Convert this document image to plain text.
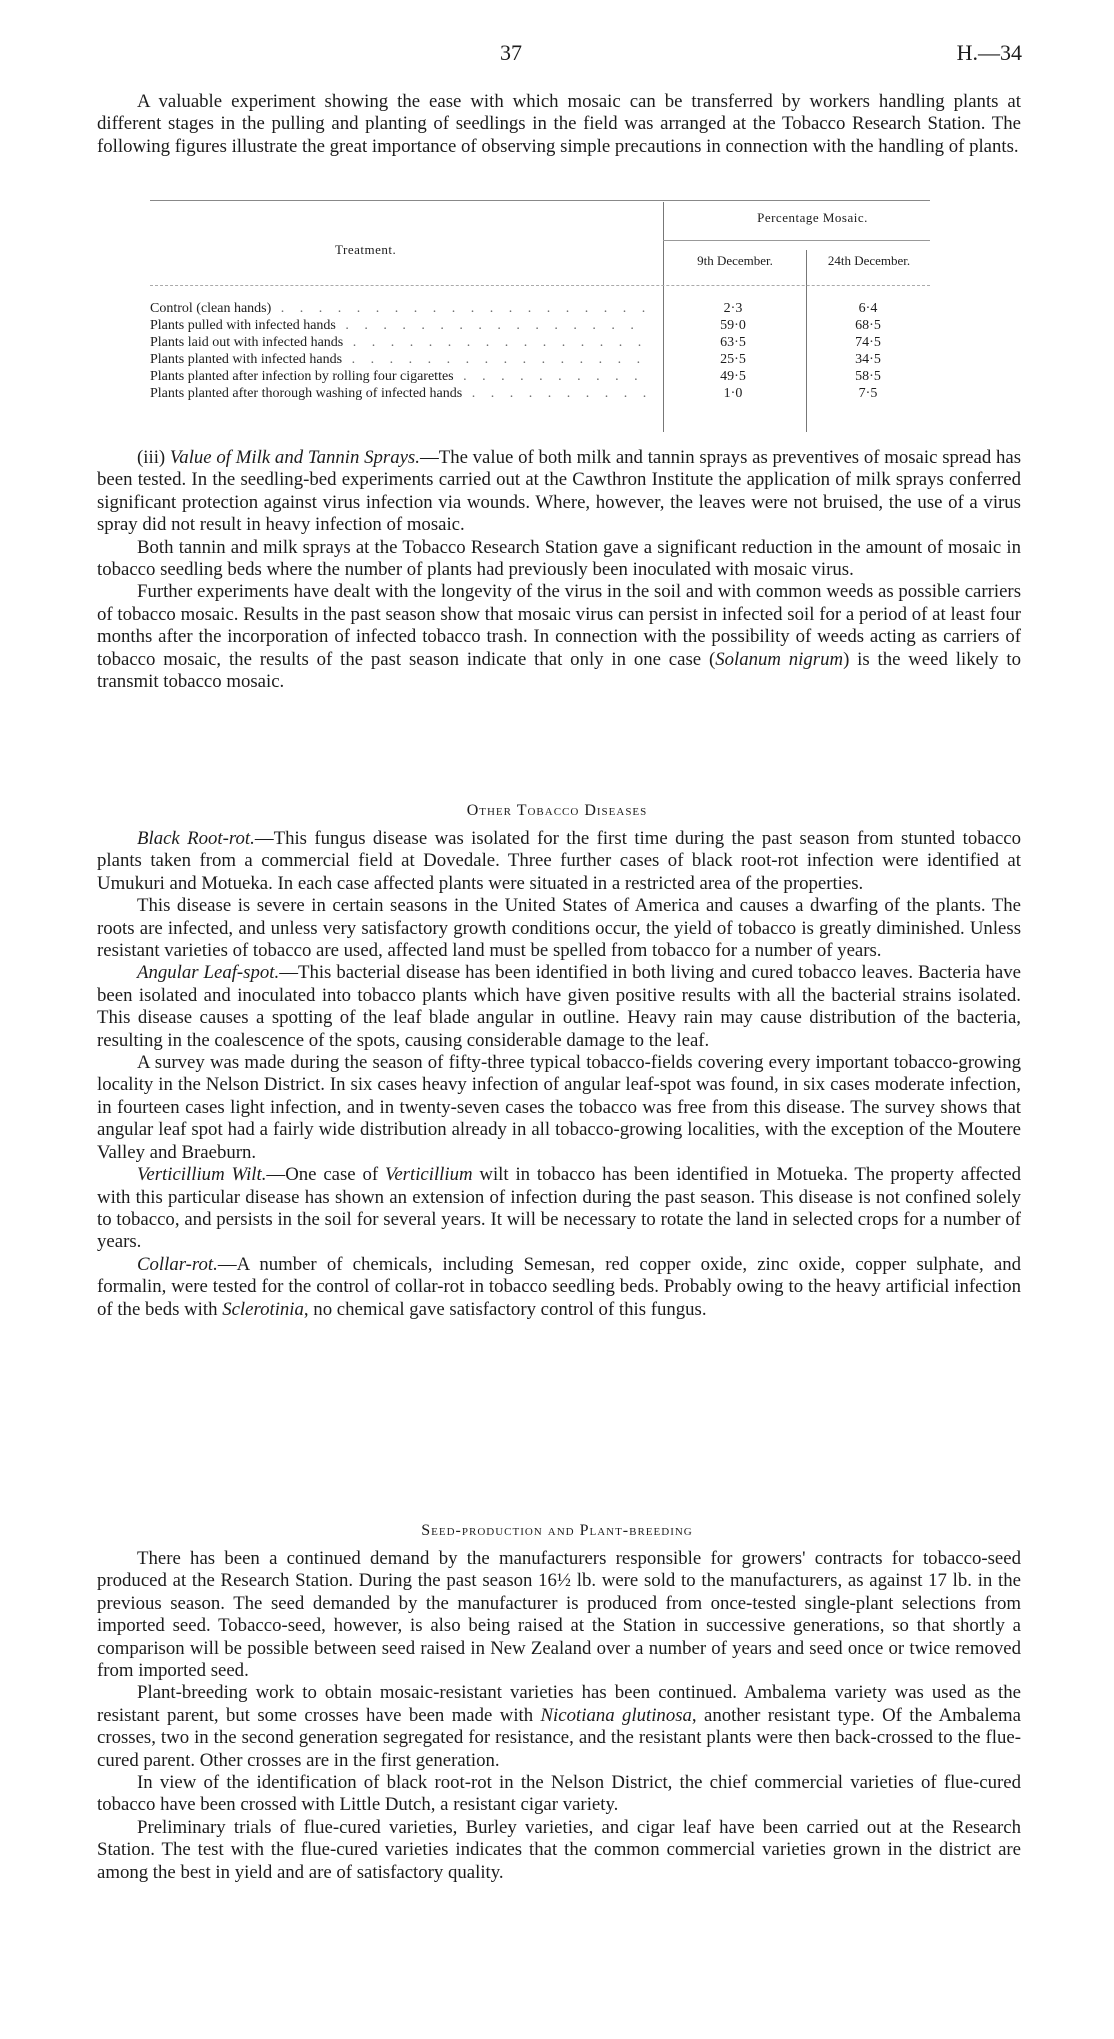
37	H.—34

A valuable experiment showing the ease with which mosaic can be transferred by workers handling plants at different stages in the pulling and planting of seedlings in the field was arranged at the Tobacco Research Station. The following figures illustrate the great importance of observing simple precautions in connection with the handling of plants.

Treatment.
Percentage Mosaic.
9th December.	24th December.
Control (clean hands) . . .	2·3	6·4
Plants pulled with infected hands . . .	59·0	68·5
Plants laid out with infected hands . . .	63·5	74·5
Plants planted with infected hands . . .	25·5	34·5
Plants planted after infection by rolling four cigarettes . . .	49·5	58·5
Plants planted after thorough washing of infected hands . . .	1·0	7·5

(iii) Value of Milk and Tannin Sprays.—The value of both milk and tannin sprays as preventives of mosaic spread has been tested. In the seedling-bed experiments carried out at the Cawthron Institute the application of milk sprays conferred significant protection against virus infection via wounds. Where, however, the leaves were not bruised, the use of a virus spray did not result in heavy infection of mosaic.

Both tannin and milk sprays at the Tobacco Research Station gave a significant reduction in the amount of mosaic in tobacco seedling beds where the number of plants had previously been inoculated with mosaic virus.

Further experiments have dealt with the longevity of the virus in the soil and with common weeds as possible carriers of tobacco mosaic. Results in the past season show that mosaic virus can persist in infected soil for a period of at least four months after the incorporation of infected tobacco trash. In connection with the possibility of weeds acting as carriers of tobacco mosaic, the results of the past season indicate that only in one case (Solanum nigrum) is the weed likely to transmit tobacco mosaic.

Other Tobacco Diseases

Black Root-rot.—This fungus disease was isolated for the first time during the past season from stunted tobacco plants taken from a commercial field at Dovedale. Three further cases of black root-rot infection were identified at Umukuri and Motueka. In each case affected plants were situated in a restricted area of the properties.

This disease is severe in certain seasons in the United States of America and causes a dwarfing of the plants. The roots are infected, and unless very satisfactory growth conditions occur, the yield of tobacco is greatly diminished. Unless resistant varieties of tobacco are used, affected land must be spelled from tobacco for a number of years.

Angular Leaf-spot.—This bacterial disease has been identified in both living and cured tobacco leaves. Bacteria have been isolated and inoculated into tobacco plants which have given positive results with all the bacterial strains isolated. This disease causes a spotting of the leaf blade angular in outline. Heavy rain may cause distribution of the bacteria, resulting in the coalescence of the spots, causing considerable damage to the leaf.

A survey was made during the season of fifty-three typical tobacco-fields covering every important tobacco-growing locality in the Nelson District. In six cases heavy infection of angular leaf-spot was found, in six cases moderate infection, in fourteen cases light infection, and in twenty-seven cases the tobacco was free from this disease. The survey shows that angular leaf spot had a fairly wide distribution already in all tobacco-growing localities, with the exception of the Moutere Valley and Braeburn.

Verticillium Wilt.—One case of Verticillium wilt in tobacco has been identified in Motueka. The property affected with this particular disease has shown an extension of infection during the past season. This disease is not confined solely to tobacco, and persists in the soil for several years. It will be necessary to rotate the land in selected crops for a number of years.

Collar-rot.—A number of chemicals, including Semesan, red copper oxide, zinc oxide, copper sulphate, and formalin, were tested for the control of collar-rot in tobacco seedling beds. Probably owing to the heavy artificial infection of the beds with Sclerotinia, no chemical gave satisfactory control of this fungus.

Seed-production and Plant-breeding

There has been a continued demand by the manufacturers responsible for growers' contracts for tobacco-seed produced at the Research Station. During the past season 16½ lb. were sold to the manufacturers, as against 17 lb. in the previous season. The seed demanded by the manufacturer is produced from once-tested single-plant selections from imported seed. Tobacco-seed, however, is also being raised at the Station in successive generations, so that shortly a comparison will be possible between seed raised in New Zealand over a number of years and seed once or twice removed from imported seed.

Plant-breeding work to obtain mosaic-resistant varieties has been continued. Ambalema variety was used as the resistant parent, but some crosses have been made with Nicotiana glutinosa, another resistant type. Of the Ambalema crosses, two in the second generation segregated for resistance, and the resistant plants were then back-crossed to the flue-cured parent. Other crosses are in the first generation.

In view of the identification of black root-rot in the Nelson District, the chief commercial varieties of flue-cured tobacco have been crossed with Little Dutch, a resistant cigar variety.

Preliminary trials of flue-cured varieties, Burley varieties, and cigar leaf have been carried out at the Research Station. The test with the flue-cured varieties indicates that the common commercial varieties grown in the district are among the best in yield and are of satisfactory quality.
